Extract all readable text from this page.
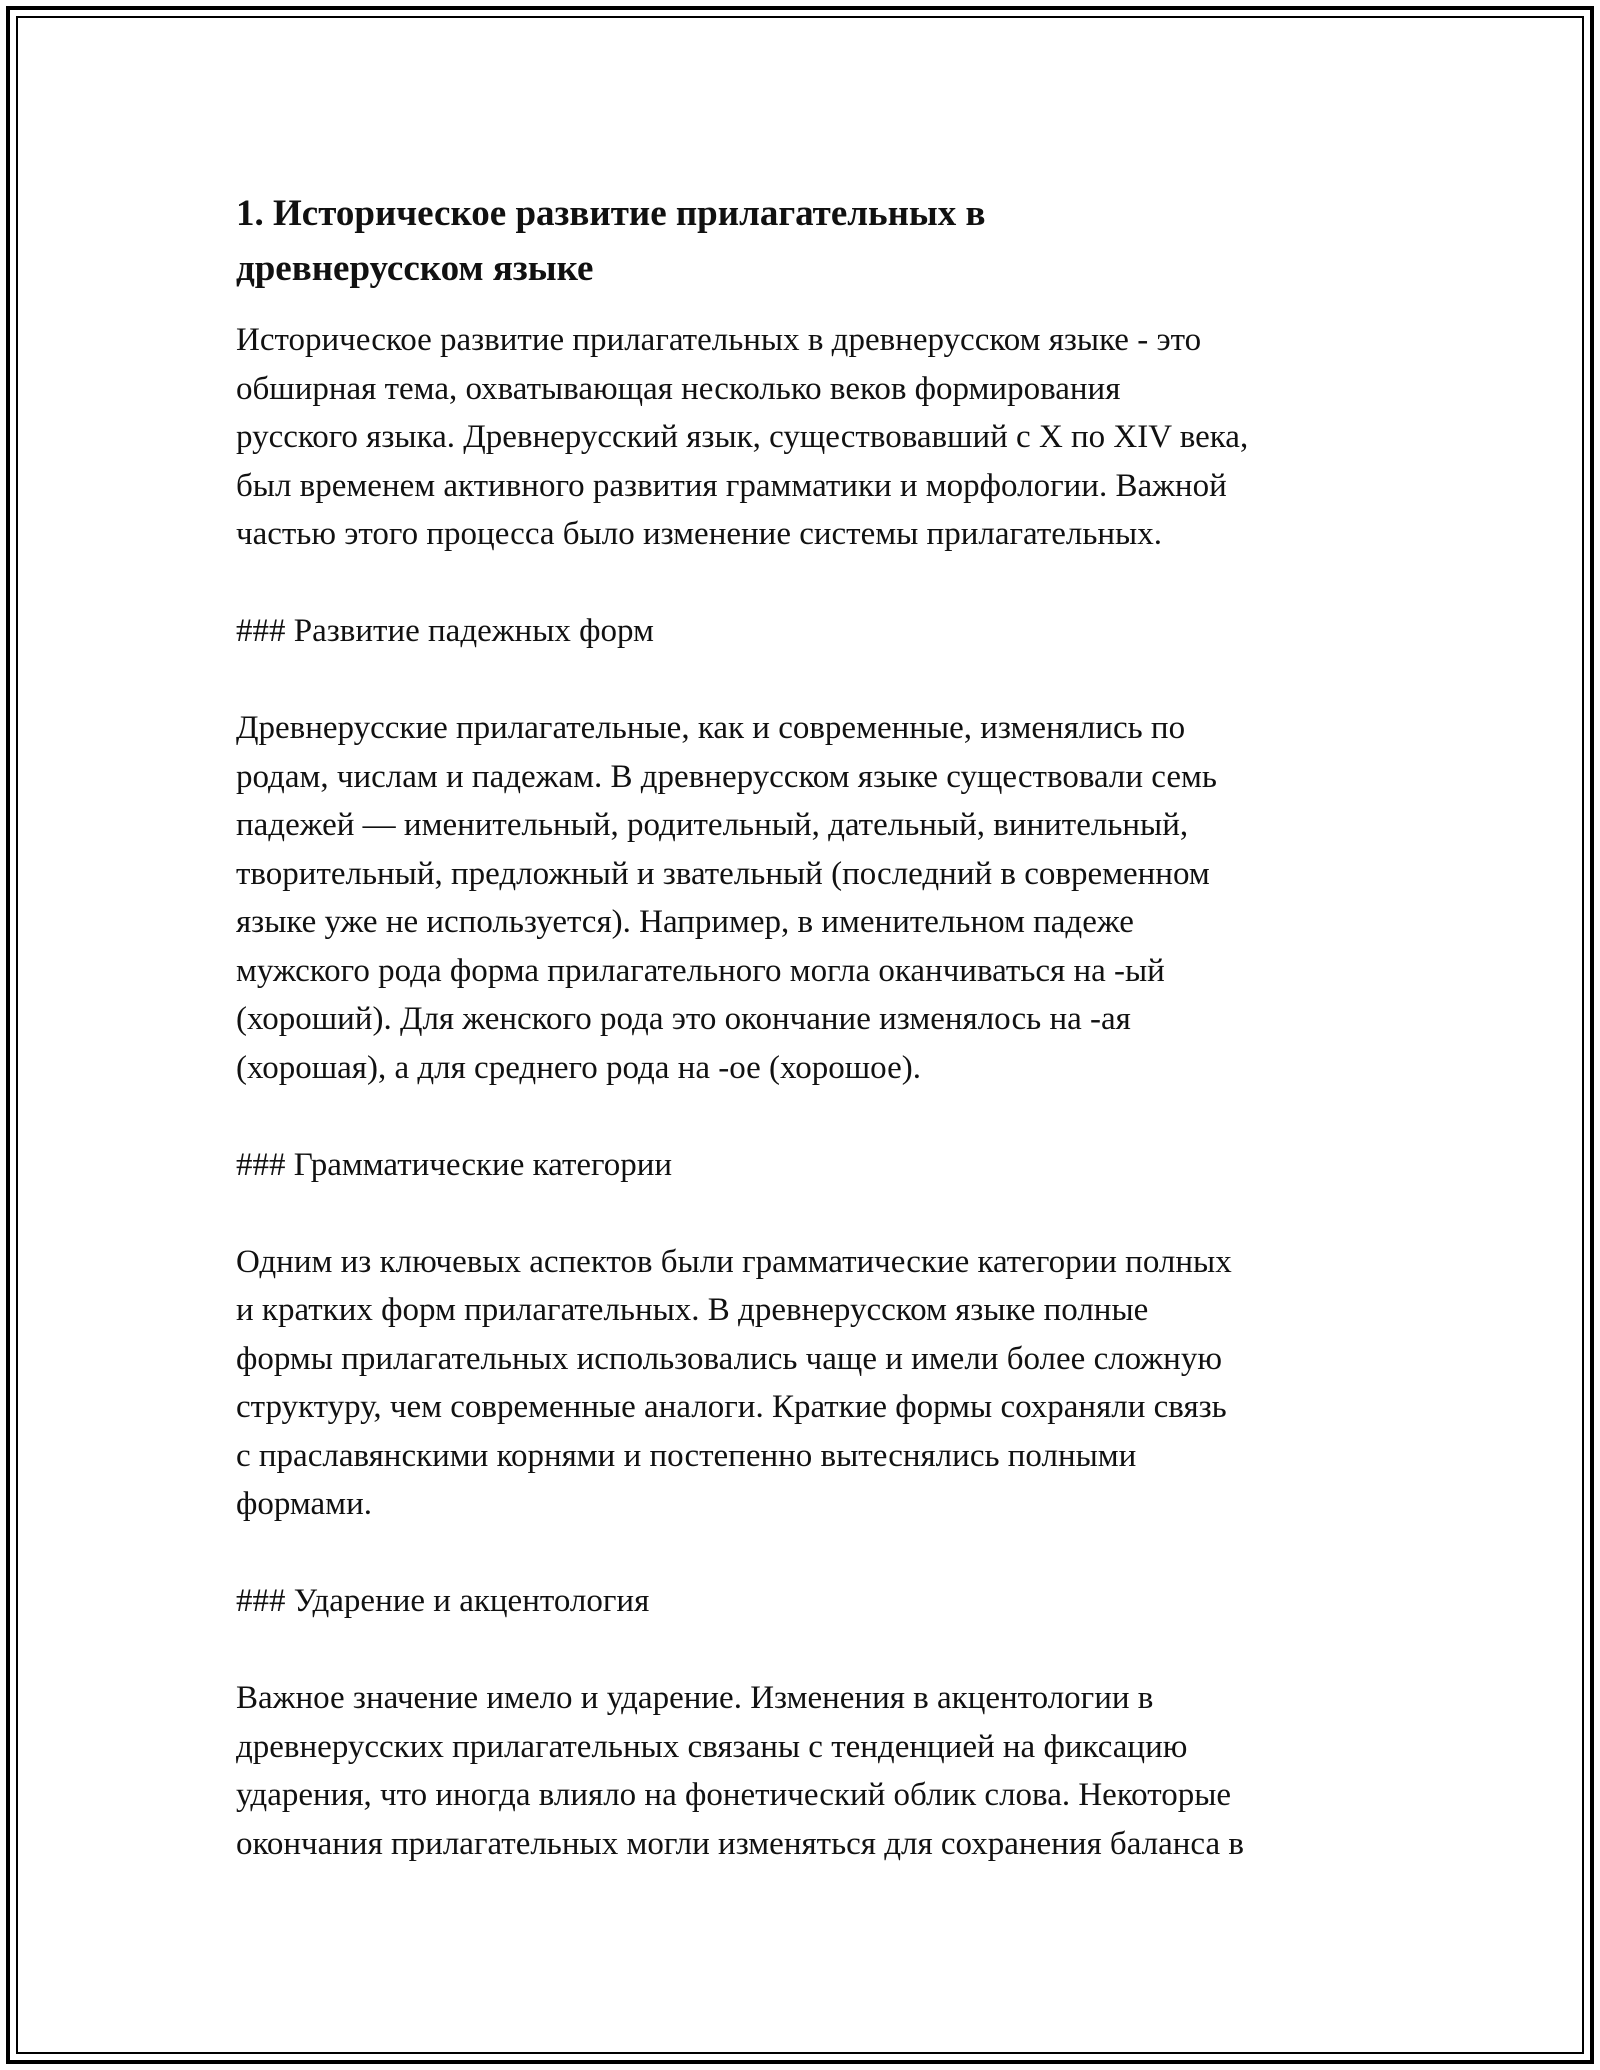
1. Историческое развитие прилагательных в
древнерусском языке
Историческое развитие прилагательных в древнерусском языке - это
обширная тема, охватывающая несколько веков формирования
русского языка. Древнерусский язык, существовавший с X по XIV века,
был временем активного развития грамматики и морфологии. Важной
частью этого процесса было изменение системы прилагательных.
### Развитие падежных форм
Древнерусские прилагательные, как и современные, изменялись по
родам, числам и падежам. В древнерусском языке существовали семь
падежей — именительный, родительный, дательный, винительный,
творительный, предложный и звательный (последний в современном
языке уже не используется). Например, в именительном падеже
мужского рода форма прилагательного могла оканчиваться на -ый
(хороший). Для женского рода это окончание изменялось на -ая
(хорошая), а для среднего рода на -ое (хорошое).
### Грамматические категории
Одним из ключевых аспектов были грамматические категории полных
и кратких форм прилагательных. В древнерусском языке полные
формы прилагательных использовались чаще и имели более сложную
структуру, чем современные аналоги. Краткие формы сохраняли связь
с праславянскими корнями и постепенно вытеснялись полными
формами.
### Ударение и акцентология
Важное значение имело и ударение. Изменения в акцентологии в
древнерусских прилагательных связаны с тенденцией на фиксацию
ударения, что иногда влияло на фонетический облик слова. Некоторые
окончания прилагательных могли изменяться для сохранения баланса в
